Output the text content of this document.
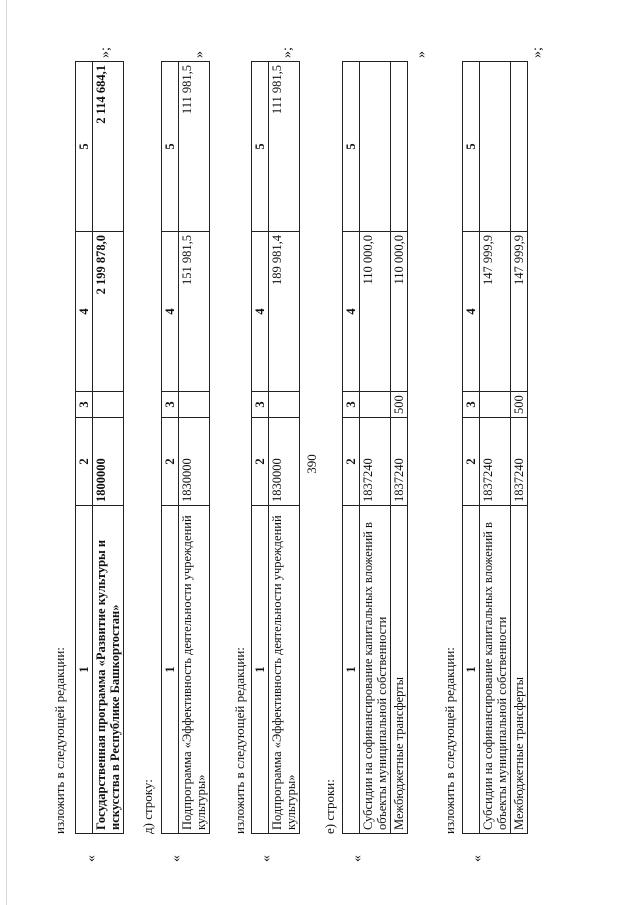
390
изложить в следующей редакции:
«
1	2	3	4	5
Государственная программа «Развитие культуры и искусства в Республике Башкортостан»	1800000		2 199 878,0	2 114 684,1
»;
д) строку:
«
1	2	3	4	5
Подпрограмма «Эффективность деятельности учреждений культуры»	1830000		151 981,5	111 981,5
»
изложить в следующей редакции:
«
1	2	3	4	5
Подпрограмма «Эффективность деятельности учреждений культуры»	1830000		189 981,4	111 981,5
»;
е) строки:
«
1	2	3	4	5
Субсидии на софинансирование капитальных вложений в объекты муниципальной собственности	1837240		110 000,0	
Межбюджетные трансферты	1837240	500	110 000,0	
»
изложить в следующей редакции:
«
1	2	3	4	5
Субсидии на софинансирование капитальных вложений в объекты муниципальной собственности	1837240		147 999,9	
Межбюджетные трансферты	1837240	500	147 999,9	
»;
